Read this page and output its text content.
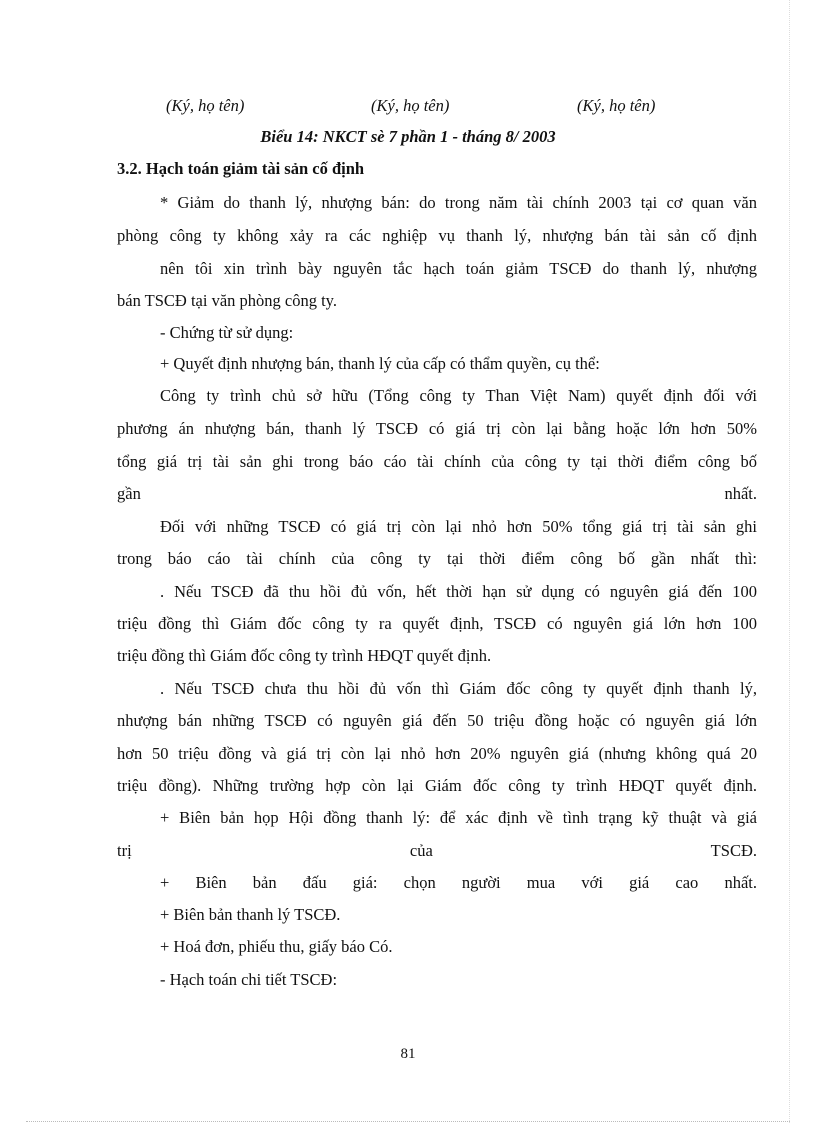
(Ký, họ tên)	(Ký, họ tên)	(Ký, họ tên)
Biểu 14: NKCT sè 7 phần 1 - tháng 8/ 2003
3.2. Hạch toán giảm tài sản cố định
* Giảm do thanh lý, nhượng bán: do trong năm tài chính 2003 tại cơ quan văn
phòng công ty không xảy ra các nghiệp vụ thanh lý, nhượng bán tài sản cố định
nên tôi xin trình bày nguyên tắc hạch toán giảm TSCĐ do thanh lý, nhượng
bán TSCĐ tại văn phòng công ty.
- Chứng từ sử dụng:
+ Quyết định nhượng bán, thanh lý của cấp có thẩm quyền, cụ thể:
Công ty trình chủ sở hữu (Tổng công ty Than Việt Nam) quyết định đối với
phương án nhượng bán, thanh lý TSCĐ có giá trị còn lại bằng hoặc lớn hơn 50%
tổng giá trị tài sản ghi trong báo cáo tài chính của công ty tại thời điểm công bố
gần nhất.
Đối với những TSCĐ có giá trị còn lại nhỏ hơn 50% tổng giá trị tài sản ghi
trong báo cáo tài chính của công ty tại thời điểm công bố gần nhất thì:
. Nếu TSCĐ đã thu hồi đủ vốn, hết thời hạn sử dụng có nguyên giá đến 100
triệu đồng thì Giám đốc công ty ra quyết định, TSCĐ có nguyên giá lớn hơn 100
triệu đồng thì Giám đốc công ty trình HĐQT quyết định.
. Nếu TSCĐ chưa thu hồi đủ vốn thì Giám đốc công ty quyết định thanh lý,
nhượng bán những TSCĐ có nguyên giá đến 50 triệu đồng hoặc có nguyên giá lớn
hơn 50 triệu đồng và giá trị còn lại nhỏ hơn 20% nguyên giá (nhưng không quá 20
triệu đồng). Những trường hợp còn lại Giám đốc công ty trình HĐQT quyết định.
+ Biên bản họp Hội đồng thanh lý: để xác định về tình trạng kỹ thuật và giá
trị của TSCĐ.
+ Biên bản đấu giá: chọn người mua với giá cao nhất.
+ Biên bản thanh lý TSCĐ.
+ Hoá đơn, phiếu thu, giấy báo Có.
- Hạch toán chi tiết TSCĐ:
81
